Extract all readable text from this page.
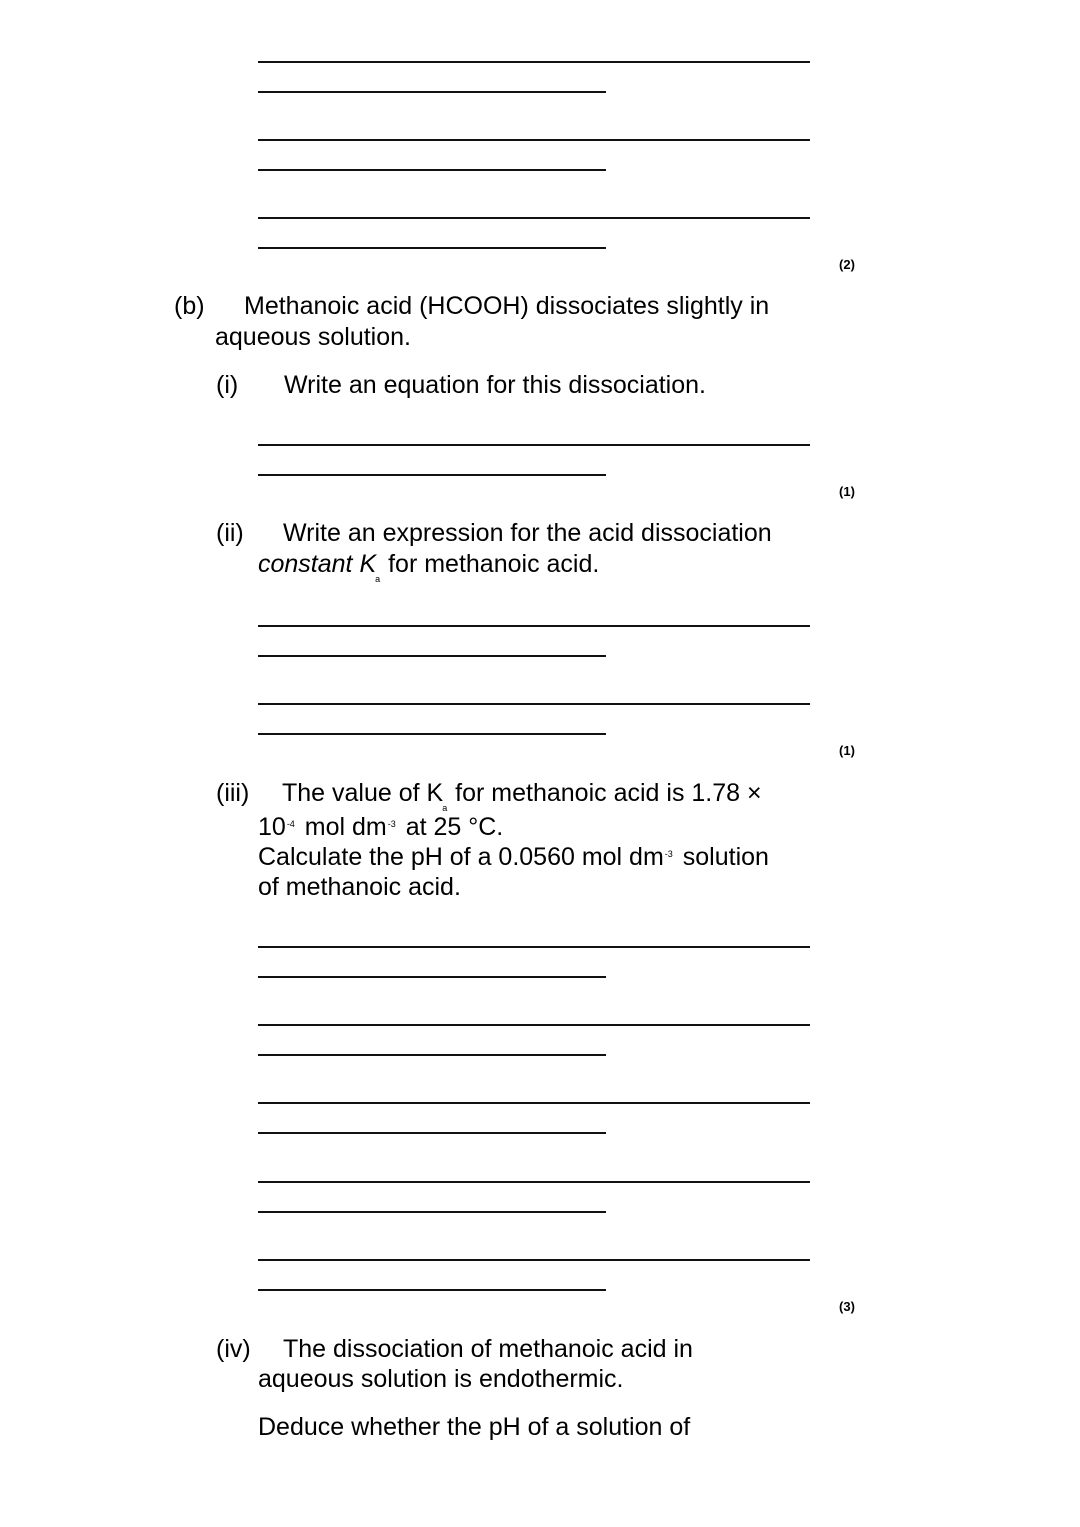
(2)
(b) Methanoic acid (HCOOH) dissociates slightly in
aqueous solution.
(i) Write an equation for this dissociation.
(1)
(ii) Write an expression for the acid dissociation
constant $K_a$ for methanoic acid.
(1)
(iii) The value of $K_a$ for methanoic acid is 1.78 ×
$10^{-4}$ mol $dm^{-3}$ at 25 °C.
Calculate the pH of a 0.0560 mol $dm^{-3}$ solution
of methanoic acid.
(3)
(iv) The dissociation of methanoic acid in
aqueous solution is endothermic.
Deduce whether the pH of a solution of
